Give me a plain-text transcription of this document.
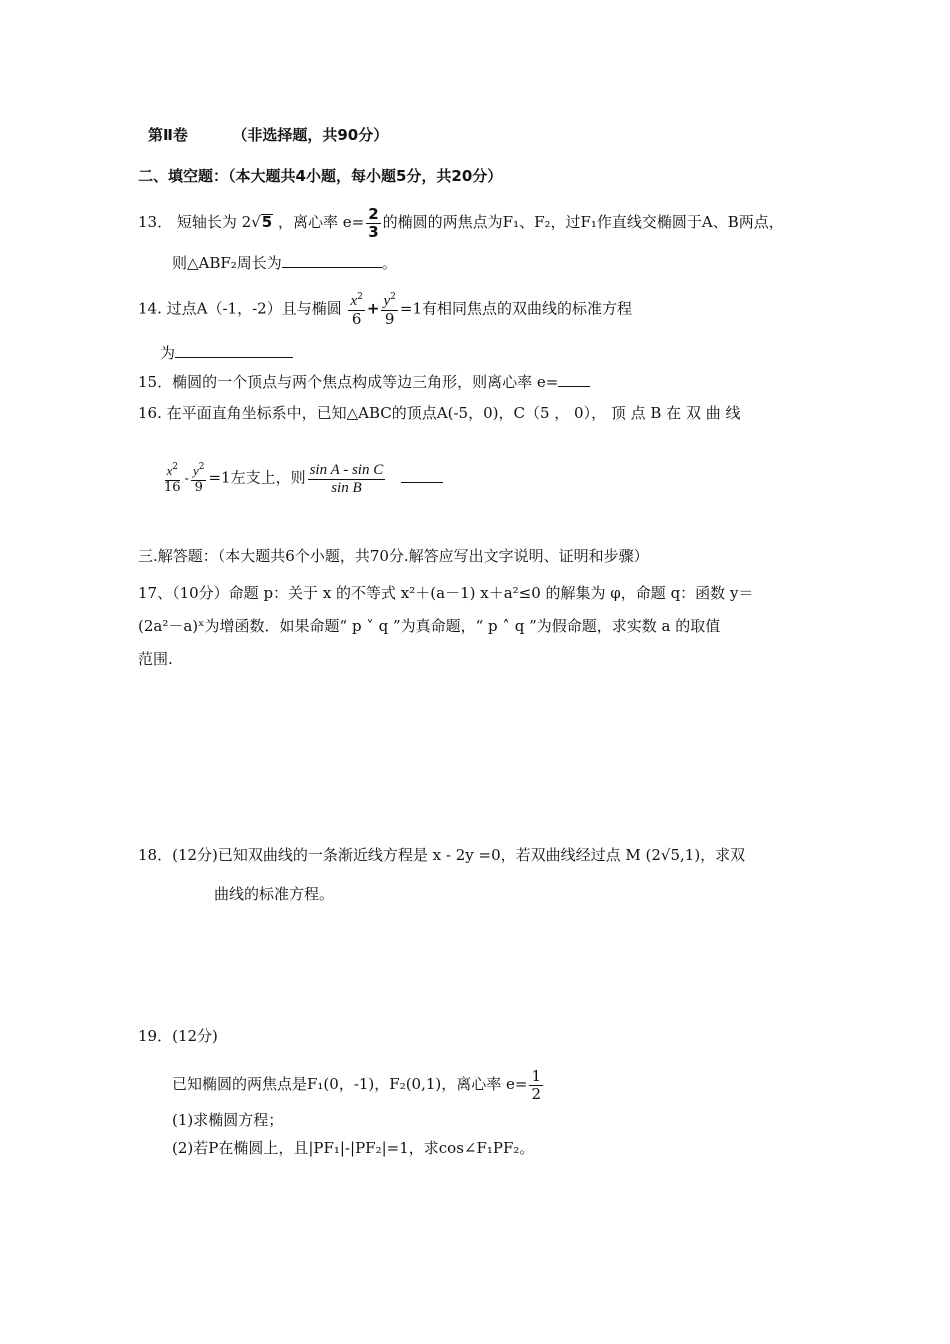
第Ⅱ卷	（非选择题，共90分）
二、填空题：（本大题共4小题，每小题5分，共20分）
13． 短轴长为 2√ 5 ，离心率 $e= \frac{2}{3}$ 的椭圆的两焦点为F₁、F₂，过F₁作直线交椭圆于A、B两点，
则△ABF₂周长为	。
14. 过点A（-1，-2）且与椭圆 $\frac{x^2}{6} + \frac{y^2}{9} =1$有相同焦点的双曲线的标准方程
为
15．椭圆的一个顶点与两个焦点构成等边三角形，则离心率 e=
16. 在平面直角坐标系中，已知△ABC的顶点A(-5，0)，C（5 ， 0）， 顶 点 B 在 双 曲 线
$\frac{x^2}{16} - \frac{y^2}{9} =1$左支上，则 $\frac{\text{sin A - sin C}}{\text{sin B}}$

三.解答题：（本大题共6个小题，共70分.解答应写出文字说明、证明和步骤）
17、（10分）命题 p：关于 x 的不等式 x²＋(a－1) x＋a²≤0 的解集为 φ，命题 q：函数 y＝
(2a²－a)ˣ为增函数．如果命题“ p ˅ q ”为真命题，“ p ˄ q ”为假命题，求实数 a 的取值
范围.
18．(12分)已知双曲线的一条渐近线方程是 x - 2y =0，若双曲线经过点 M (2√5,1)，求双
曲线的标准方程。
19．(12分)
已知椭圆的两焦点是F₁(0，-1)，F₂(0,1)，离心率 $e= \frac{1}{2}$
(1)求椭圆方程；
(2)若P在椭圆上，且|PF₁|-|PF₂|=1，求cos∠F₁PF₂。
